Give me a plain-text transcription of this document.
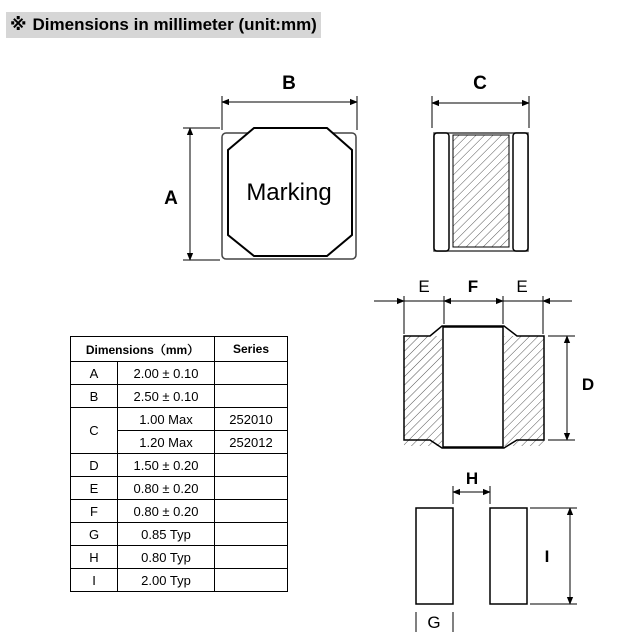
※ Dimensions in millimeter (unit:mm)
Marking
B
A
C
E F E
D
H
I
G
Dimensions（mm）		Series
A	2.00 ± 0.10	
B	2.50 ± 0.10	
C	1.00 Max	252010
	1.20 Max	252012
D	1.50 ± 0.20	
E	0.80 ± 0.20	
F	0.80 ± 0.20	
G	0.85 Typ	
H	0.80 Typ	
I	2.00 Typ	
